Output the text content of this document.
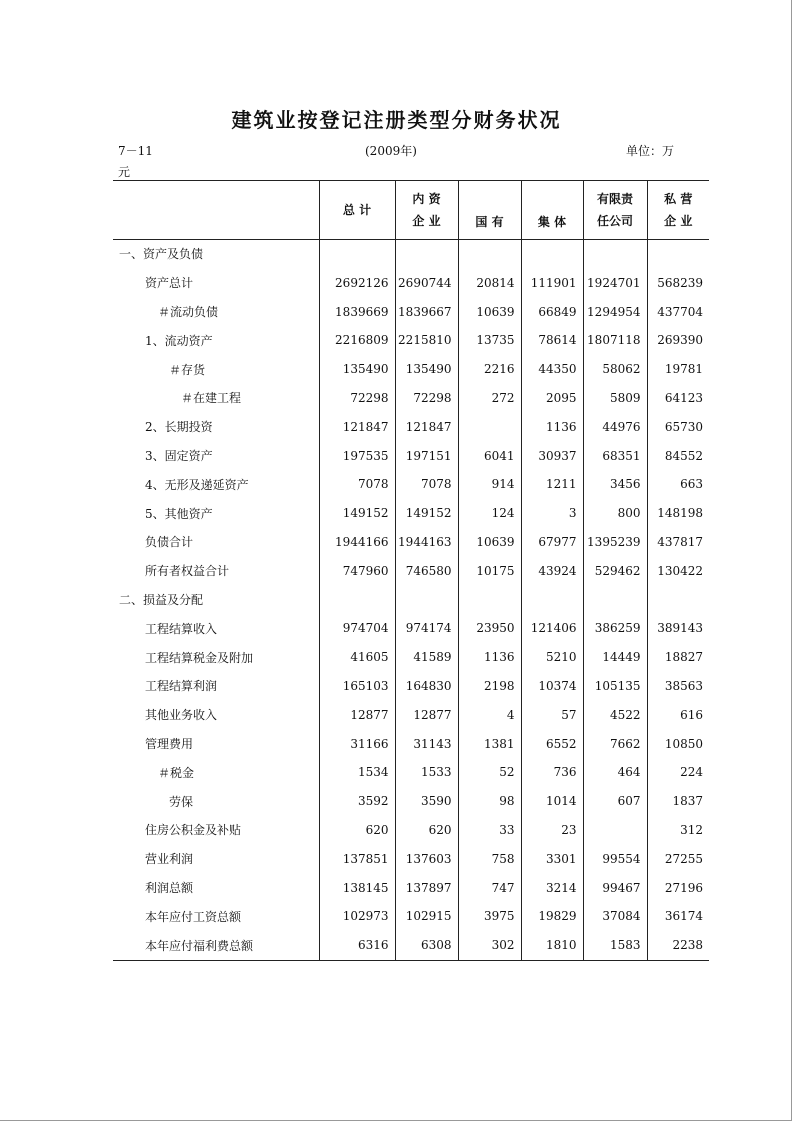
建筑业按登记注册类型分财务状况
7－11	(2009年)	单位：万
元
	总 计	内 资	国 有	集 体	有限责	私 营
		企 业			任公司	企 业
一、资产及负债						
资产总计	2692126	2690744	20814	111901	1924701	568239
＃流动负债	1839669	1839667	10639	66849	1294954	437704
1、流动资产	2216809	2215810	13735	78614	1807118	269390
＃存货	135490	135490	2216	44350	58062	19781
＃在建工程	72298	72298	272	2095	5809	64123
2、长期投资	121847	121847		1136	44976	65730
3、固定资产	197535	197151	6041	30937	68351	84552
4、无形及递延资产	7078	7078	914	1211	3456	663
5、其他资产	149152	149152	124	3	800	148198
负债合计	1944166	1944163	10639	67977	1395239	437817
所有者权益合计	747960	746580	10175	43924	529462	130422
二、损益及分配						
工程结算收入	974704	974174	23950	121406	386259	389143
工程结算税金及附加	41605	41589	1136	5210	14449	18827
工程结算利润	165103	164830	2198	10374	105135	38563
其他业务收入	12877	12877	4	57	4522	616
管理费用	31166	31143	1381	6552	7662	10850
＃税金	1534	1533	52	736	464	224
劳保	3592	3590	98	1014	607	1837
住房公积金及补贴	620	620	33	23		312
营业利润	137851	137603	758	3301	99554	27255
利润总额	138145	137897	747	3214	99467	27196
本年应付工资总额	102973	102915	3975	19829	37084	36174
本年应付福利费总额	6316	6308	302	1810	1583	2238
